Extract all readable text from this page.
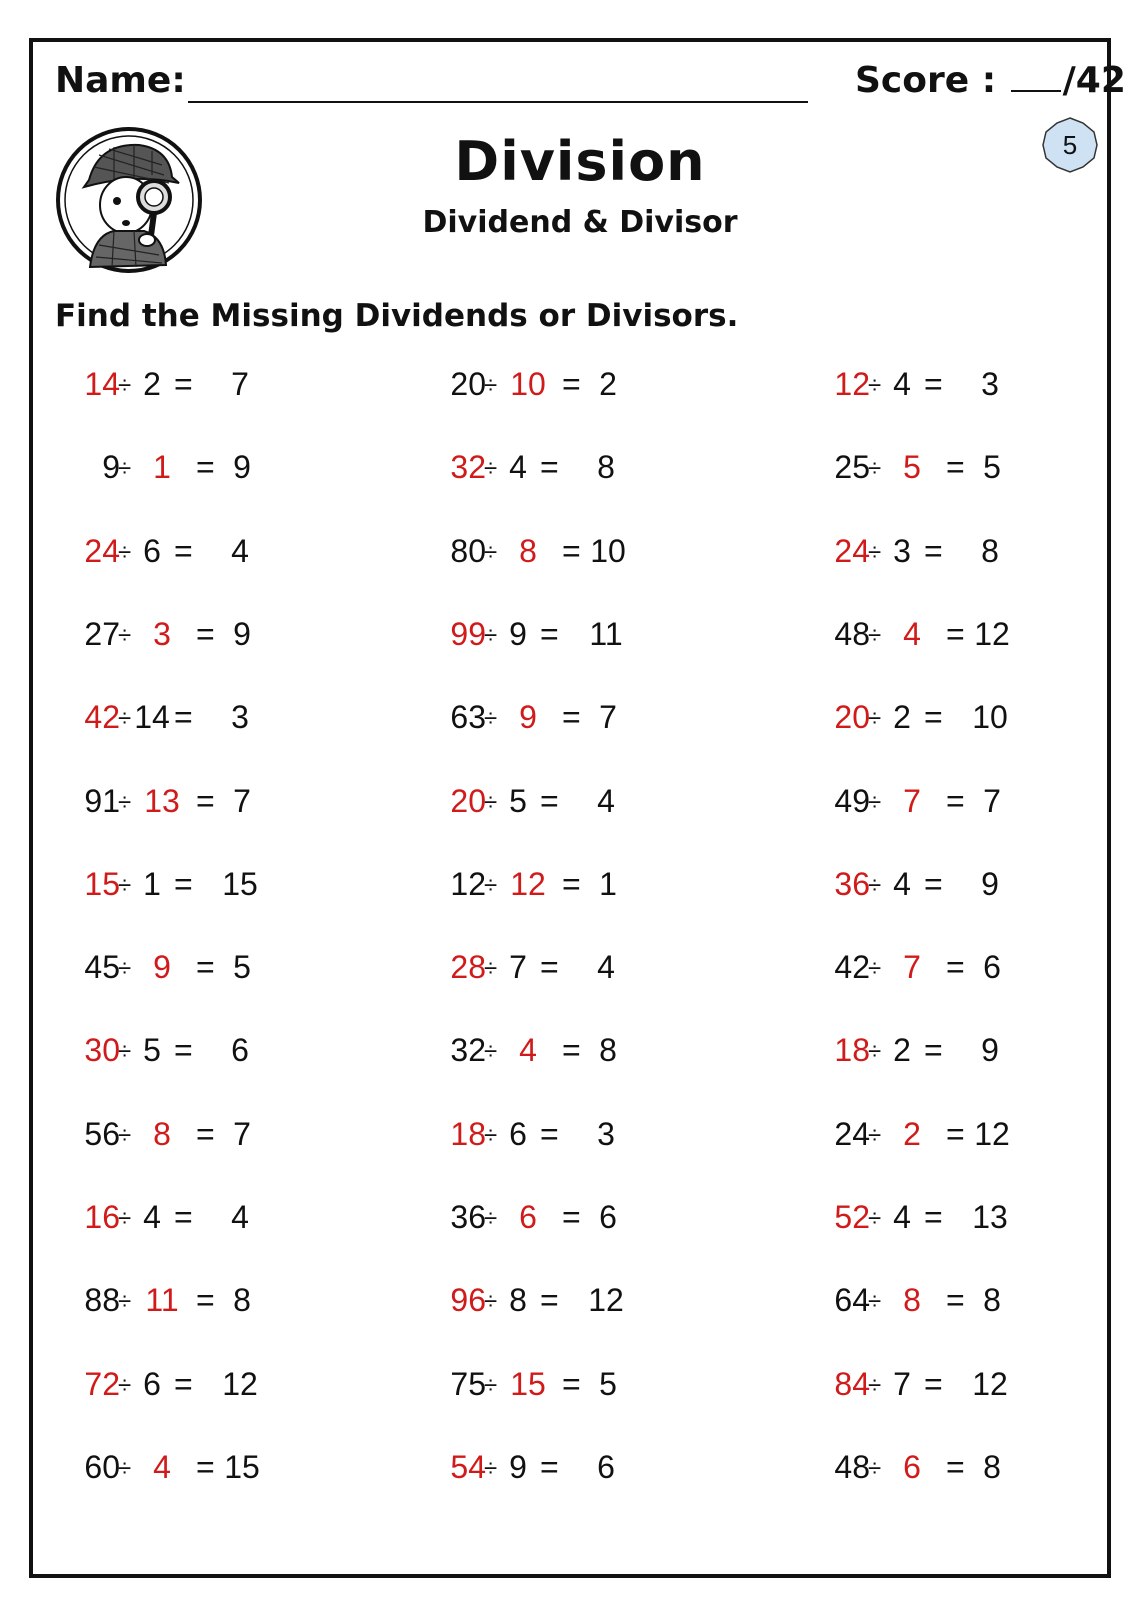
Name:	Score : /42
5
Division
Dividend & Divisor
Find the Missing Dividends or Divisors.
14
÷ 2 =	7
9
÷ 1 = 9
24
÷ 6 =	4
27
÷ 3 = 9
42
÷ 14 =	3
91
÷ 13 = 7
15
÷ 1 = 15
45
÷ 9 = 5
30
÷ 5 =	6
56
÷ 8 = 7
16
÷ 4 =	4
88
÷ 11 = 8
72
÷ 6 = 12
60
÷ 4 = 15
20
÷ 10 = 2
32
÷ 4 =	8
80
÷ 8 = 10
99
÷ 9 = 11
63
÷ 9 = 7
20
÷ 5 =	4
12
÷ 12 = 1
28
÷ 7 =	4
32
÷ 4 = 8
18
÷ 6 =	3
36
÷ 6 = 6
96
÷ 8 = 12
75
÷ 15 = 5
54
÷ 9 =	6
12
÷ 4 =	3
25
÷ 5 = 5
24
÷ 3 =	8
48
÷ 4 = 12
20
÷ 2 = 10
49
÷ 7 = 7
36
÷ 4 =	9
42
÷ 7 = 6
18
÷ 2 =	9
24
÷ 2 = 12
52
÷ 4 = 13
64
÷ 8 = 8
84
÷ 7 = 12
48
÷ 6 = 8
